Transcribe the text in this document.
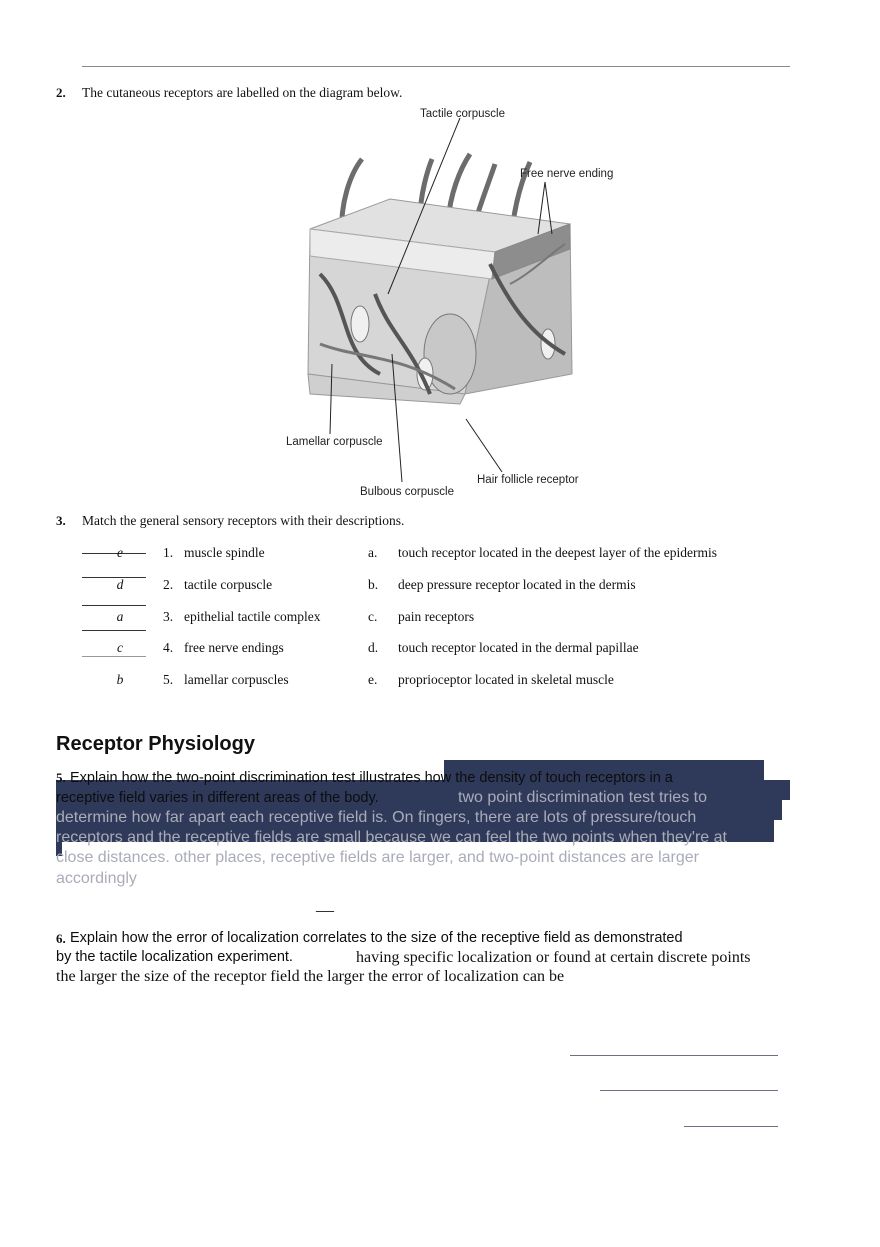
2. The cutaneous receptors are labelled on the diagram below.
Tactile corpuscle
Free nerve ending
Lamellar corpuscle
Hair follicle receptor
Bulbous corpuscle
3. Match the general sensory receptors with their descriptions.
e	1. muscle spindle	a. touch receptor located in the deepest layer of the epidermis
d	2. tactile corpuscle	b. deep pressure receptor located in the dermis
a	3. epithelial tactile complex	c. pain receptors
c	4. free nerve endings	d. touch receptor located in the dermal papillae
b	5. lamellar corpuscles	e. proprioceptor located in skeletal muscle
Receptor Physiology
5. Explain how the two-point discrimination test illustrates how the density of touch receptors in a
receptive field varies in different areas of the body.	two point discrimination test tries to
determine how far apart each receptive field is. On fingers, there are lots of pressure/touch
receptors and the receptive fields are small because we can feel the two points when they're at
close distances. other places, receptive fields are larger, and two-point distances are larger
accordingly
—
6. Explain how the error of localization correlates to the size of the receptive field as demonstrated
by the tactile localization experiment.	having specific localization or found at certain discrete points
the larger the size of the receptor field the larger the error of localization can be
